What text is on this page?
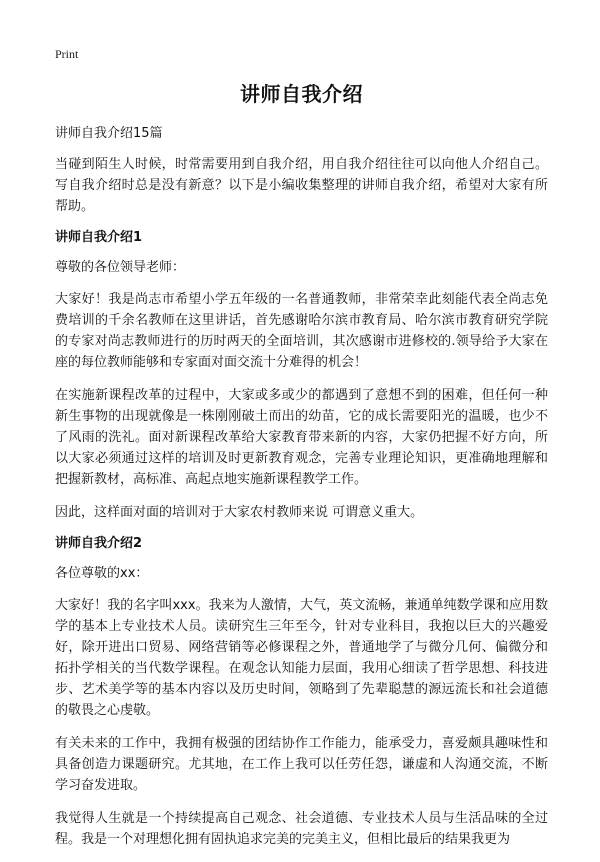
Print
讲师自我介绍
讲师自我介绍15篇

当碰到陌生人时候，时常需要用到自我介绍，用自我介绍往往可以向他人介绍自己。写自我介绍时总是没有新意？以下是小编收集整理的讲师自我介绍，希望对大家有所帮助。

讲师自我介绍1
尊敬的各位领导老师：

大家好！我是尚志市希望小学五年级的一名普通教师，非常荣幸此刻能代表全尚志免费培训的千余名教师在这里讲话，首先感谢哈尔滨市教育局、哈尔滨市教育研究学院的专家对尚志教师进行的历时两天的全面培训，其次感谢市进修校的.领导给予大家在座的每位教师能够和专家面对面交流十分难得的机会！

在实施新课程改革的过程中，大家或多或少的都遇到了意想不到的困难，但任何一种新生事物的出现就像是一株刚刚破土而出的幼苗，它的成长需要阳光的温暖，也少不了风雨的洗礼。面对新课程改革给大家教育带来新的内容，大家仍把握不好方向，所以大家必须通过这样的培训及时更新教育观念，完善专业理论知识，更准确地理解和把握新教材，高标准、高起点地实施新课程教学工作。

因此，这样面对面的培训对于大家农村教师来说 可谓意义重大。

讲师自我介绍2
各位尊敬的xx：

大家好！我的名字叫xxx。我来为人激情，大气，英文流畅，兼通单纯数学课和应用数学的基本上专业技术人员。读研究生三年至今，针对专业科目，我抱以巨大的兴趣爱好，除开进出口贸易、网络营销等必修课程之外，普通地学了与微分几何、偏微分和拓扑学相关的当代数学课程。在观念认知能力层面，我用心细读了哲学思想、科技进步、艺术美学等的基本内容以及历史时间，领略到了先辈聪慧的源远流长和社会道德的敬畏之心虔敬。

有关未来的工作中，我拥有极强的团结协作工作能力，能承受力，喜爱颇具趣味性和具备创造力课题研究。尤其地，在工作上我可以任劳任怨，谦虚和人沟通交流，不断学习奋发进取。

我觉得人生就是一个持续提高自己观念、社会道德、专业技术人员与生活品味的全过程。我是一个对理想化拥有固执追求完美的完美主义，但相比最后的结果我更为
